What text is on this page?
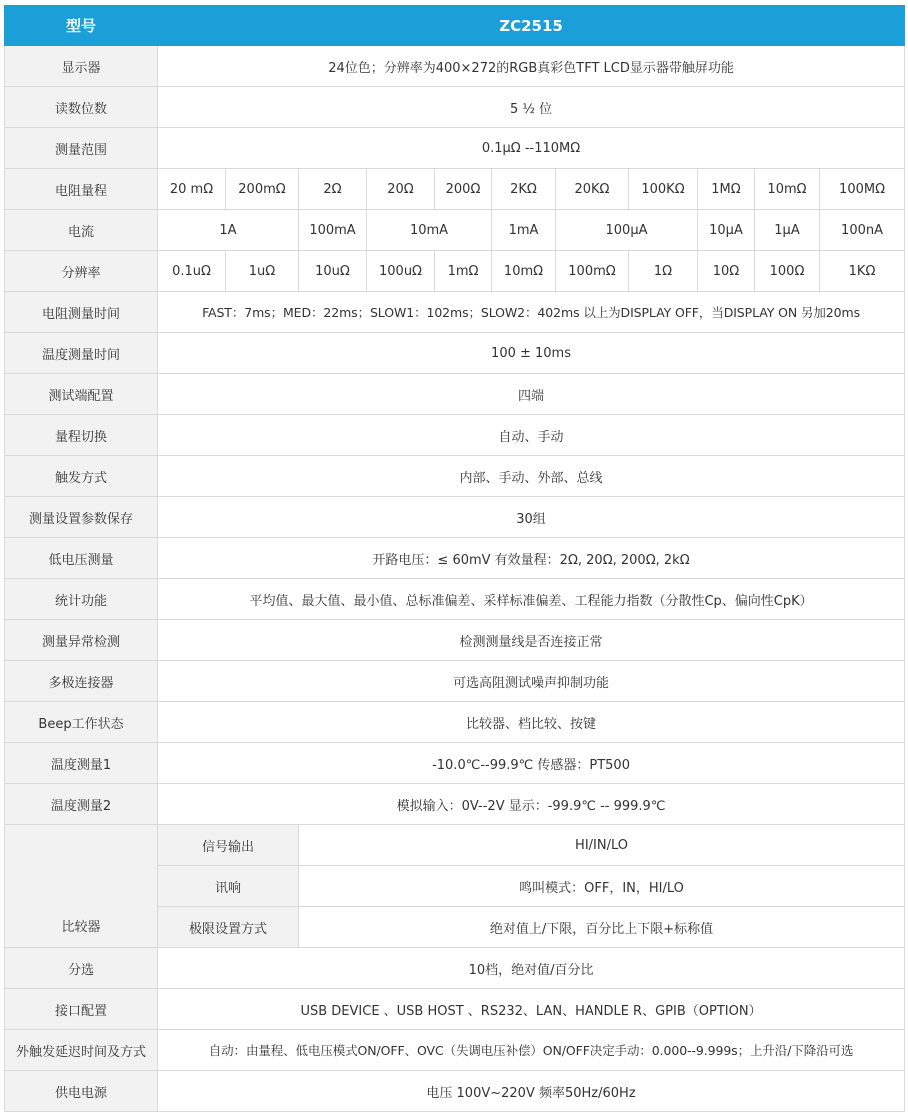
型号	ZC2515										
显示器	24位色；分辨率为400×272的RGB真彩色TFT LCD显示器带触屏功能										
读数位数	5 ½ 位										
测量范围	0.1μΩ --110MΩ										
电阻量程	20 mΩ	200mΩ	2Ω	20Ω	200Ω	2KΩ	20KΩ	100KΩ	1MΩ	10mΩ	100MΩ
电流	1A		100mA	10mA		1mA	100μA		10μA	1μA	100nA
分辨率	0.1uΩ	1uΩ	10uΩ	100uΩ	1mΩ	10mΩ	100mΩ	1Ω	10Ω	100Ω	1KΩ
电阻测量时间	FAST：7ms；MED：22ms；SLOW1：102ms；SLOW2：402ms 以上为DISPLAY OFF，当DISPLAY ON 另加20ms										
温度测量时间	100 ± 10ms										
测试端配置	四端										
量程切换	自动、手动										
触发方式	内部、手动、外部、总线										
测量设置参数保存	30组										
低电压测量	开路电压：≤ 60mV 有效量程：2Ω, 20Ω, 200Ω, 2kΩ										
统计功能	平均值、最大值、最小值、总标准偏差、采样标准偏差、工程能力指数（分散性Cp、偏向性CpK）										
测量异常检测	检测测量线是否连接正常										
多极连接器	可选高阻测试噪声抑制功能										
Beep工作状态	比较器、档比较、按键										
温度测量1	-10.0℃--99.9℃ 传感器：PT500										
温度测量2	模拟输入：0V--2V 显示：-99.9℃ -- 999.9℃										
比较器	信号输出		HI/IN/LO								
	讯响		鸣叫模式：OFF，IN，HI/LO								
	极限设置方式		绝对值上/下限，百分比上下限+标称值								
分选	10档，绝对值/百分比										
接口配置	USB DEVICE 、USB HOST 、RS232、LAN、HANDLE R、GPIB（OPTION）										
外触发延迟时间及方式	自动：由量程、低电压模式ON/OFF、OVC（失调电压补偿）ON/OFF决定手动：0.000--9.999s；上升沿/下降沿可选										
供电电源	电压 100V~220V 频率50Hz/60Hz										
